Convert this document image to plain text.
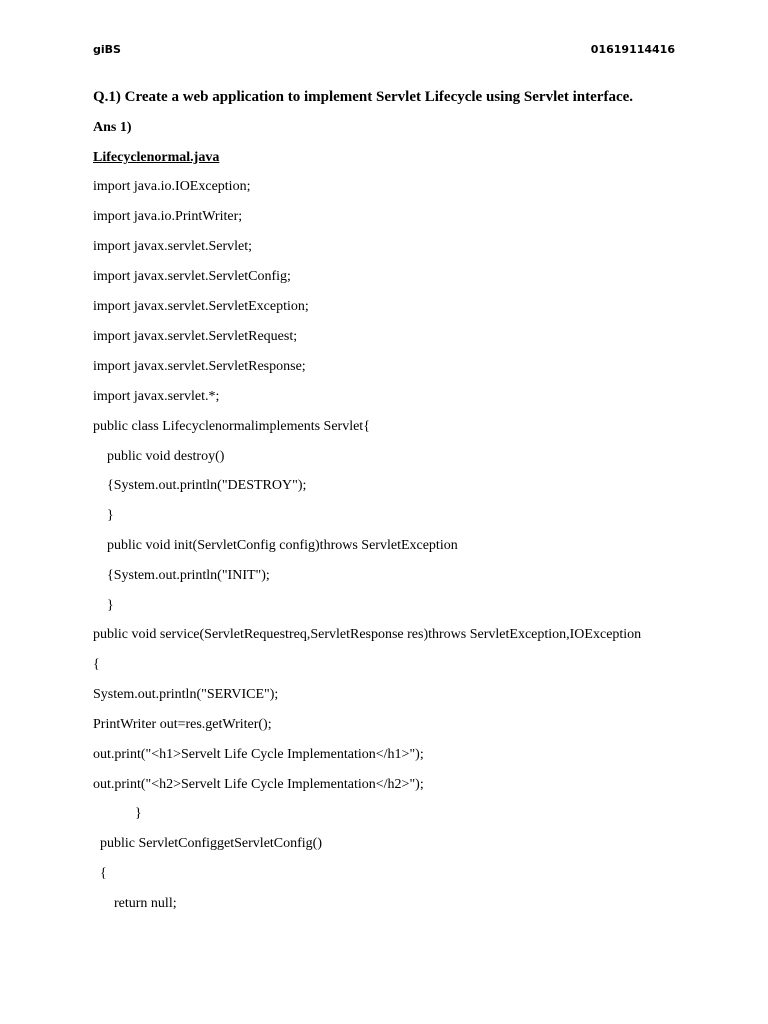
giBS	01619114416
Q.1) Create a web application to implement Servlet Lifecycle using Servlet interface.
Ans 1)
Lifecyclenormal.java
import java.io.IOException;
import java.io.PrintWriter;
import javax.servlet.Servlet;
import javax.servlet.ServletConfig;
import javax.servlet.ServletException;
import javax.servlet.ServletRequest;
import javax.servlet.ServletResponse;
import javax.servlet.*;
public class Lifecyclenormalimplements Servlet{
public void destroy()
{System.out.println("DESTROY");
}
public void init(ServletConfig config)throws ServletException
{System.out.println("INIT");
}
public void service(ServletRequestreq,ServletResponse res)throws ServletException,IOException
{
System.out.println("SERVICE");
PrintWriter out=res.getWriter();
out.print("<h1>Servelt Life Cycle Implementation</h1>");
out.print("<h2>Servelt Life Cycle Implementation</h2>");
}
public ServletConfiggetServletConfig()
{
return null;
